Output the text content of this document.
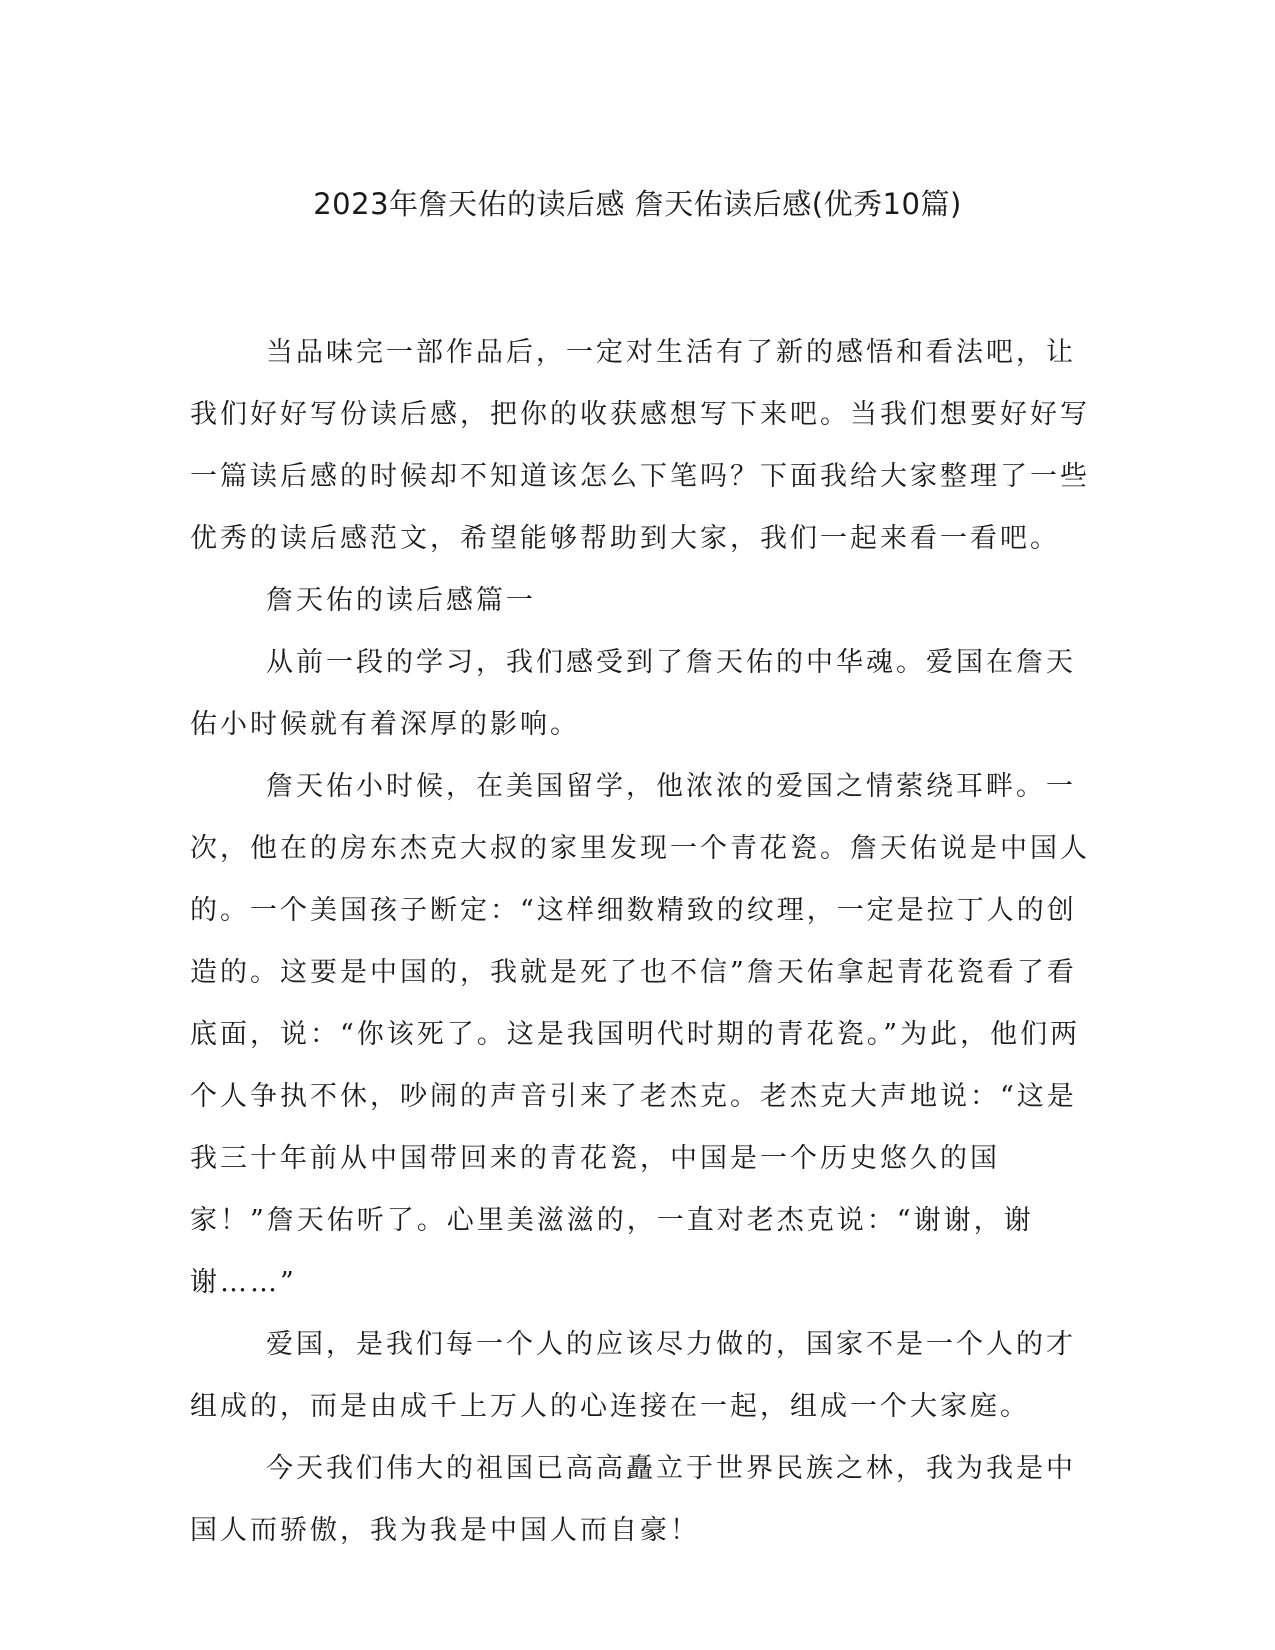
2023年詹天佑的读后感 詹天佑读后感(优秀10篇)

当品味完一部作品后，一定对生活有了新的感悟和看法吧，让我们好好写份读后感，把你的收获感想写下来吧。当我们想要好好写一篇读后感的时候却不知道该怎么下笔吗？下面我给大家整理了一些优秀的读后感范文，希望能够帮助到大家，我们一起来看一看吧。

詹天佑的读后感篇一

从前一段的学习，我们感受到了詹天佑的中华魂。爱国在詹天佑小时候就有着深厚的影响。

詹天佑小时候，在美国留学，他浓浓的爱国之情萦绕耳畔。一次，他在的房东杰克大叔的家里发现一个青花瓷。詹天佑说是中国人的。一个美国孩子断定：“这样细数精致的纹理，一定是拉丁人的创造的。这要是中国的，我就是死了也不信”詹天佑拿起青花瓷看了看底面，说：“你该死了。这是我国明代时期的青花瓷。”为此，他们两个人争执不休，吵闹的声音引来了老杰克。老杰克大声地说：“这是我三十年前从中国带回来的青花瓷，中国是一个历史悠久的国家！”詹天佑听了。心里美滋滋的，一直对老杰克说：“谢谢，谢谢……”

爱国，是我们每一个人的应该尽力做的，国家不是一个人的才组成的，而是由成千上万人的心连接在一起，组成一个大家庭。

今天我们伟大的祖国已高高矗立于世界民族之林，我为我是中国人而骄傲，我为我是中国人而自豪！
